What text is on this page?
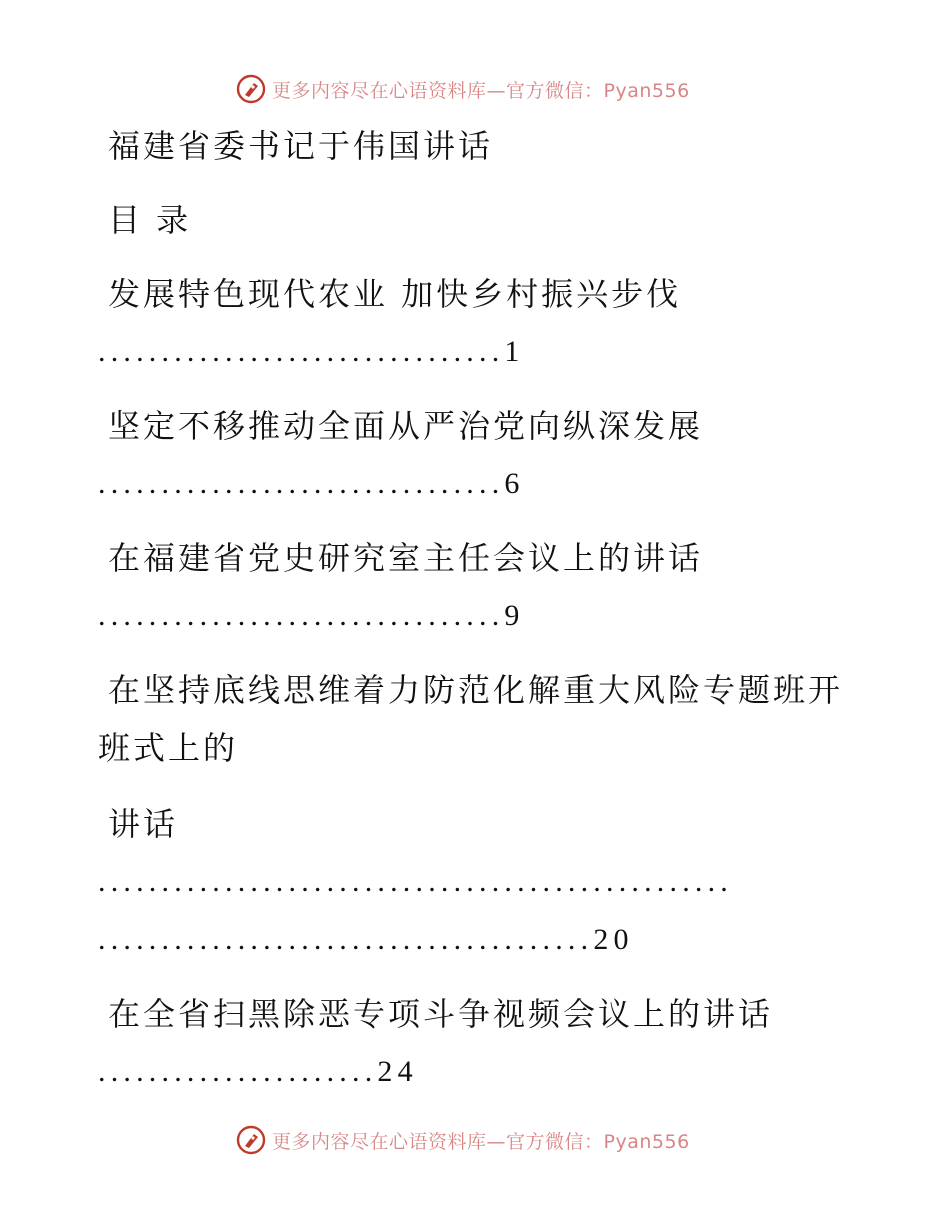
更多内容尽在心语资料库—官方微信：Pyan556
福建省委书记于伟国讲话
目 录
发展特色现代农业 加快乡村振兴步伐
................................1
坚定不移推动全面从严治党向纵深发展
................................6
在福建省党史研究室主任会议上的讲话
................................9
在坚持底线思维着力防范化解重大风险专题班开
班式上的
讲话
..................................................
.......................................20
在全省扫黑除恶专项斗争视频会议上的讲话
......................24
更多内容尽在心语资料库—官方微信：Pyan556
